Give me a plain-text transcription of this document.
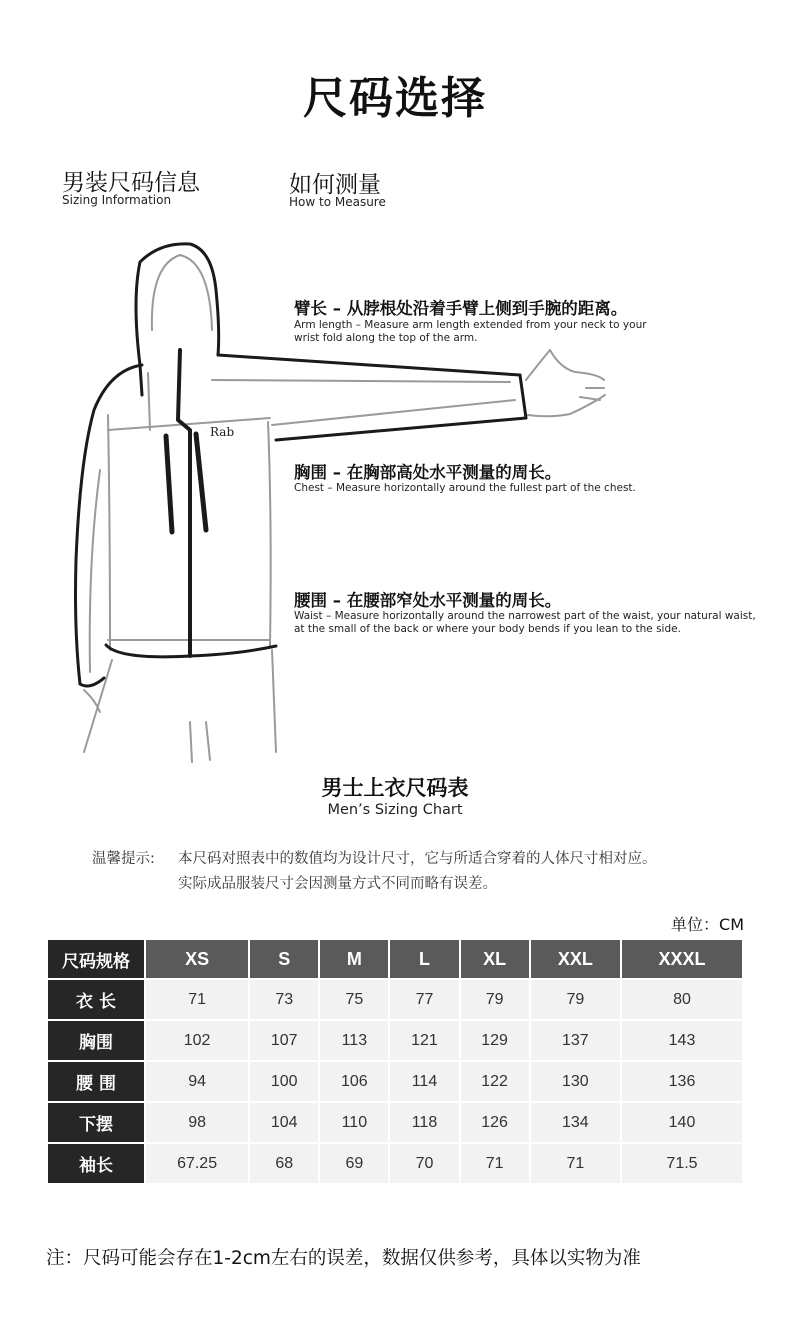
尺码选择
男装尺码信息
Sizing Information
如何测量
How to Measure
Rab
臂长 – 从脖根处沿着手臂上侧到手腕的距离。
Arm length – Measure arm length extended from your neck to your
wrist fold along the top of the arm.
胸围 – 在胸部高处水平测量的周长。
Chest – Measure horizontally around the fullest part of the chest.
腰围 – 在腰部窄处水平测量的周长。
Waist – Measure horizontally around the narrowest part of the waist, your natural waist,
at the small of the back or where your body bends if you lean to the side.
男士上衣尺码表
Men’s Sizing Chart
温馨提示: 本尺码对照表中的数值均为设计尺寸，它与所适合穿着的人体尺寸相对应。
实际成品服装尺寸会因测量方式不同而略有误差。
单位：CM
尺码规格	XS	S	M	L	XL	XXL	XXXL
衣 长	71	73	75	77	79	79	80
胸围	102	107	113	121	129	137	143
腰 围	94	100	106	114	122	130	136
下摆	98	104	110	118	126	134	140
袖长	67.25	68	69	70	71	71	71.5
注：尺码可能会存在1-2cm左右的误差，数据仅供参考，具体以实物为准
